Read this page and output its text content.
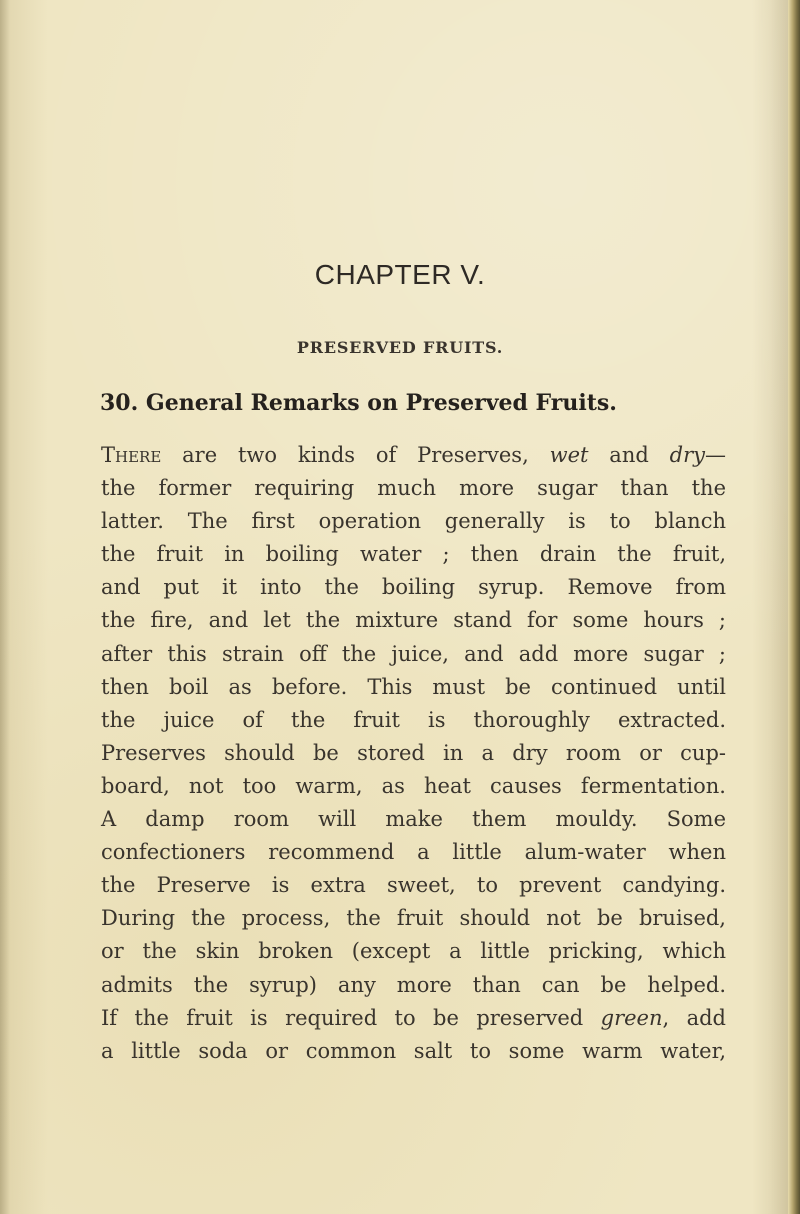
CHAPTER V.
PRESERVED FRUITS.
30. General Remarks on Preserved Fruits.
There are two kinds of Preserves, wet and dry—
the former requiring much more sugar than the
latter. The first operation generally is to blanch
the fruit in boiling water ; then drain the fruit,
and put it into the boiling syrup. Remove from
the fire, and let the mixture stand for some hours ;
after this strain off the juice, and add more sugar ;
then boil as before. This must be continued until
the juice of the fruit is thoroughly extracted.
Preserves should be stored in a dry room or cup-
board, not too warm, as heat causes fermentation.
A damp room will make them mouldy. Some
confectioners recommend a little alum-water when
the Preserve is extra sweet, to prevent candying.
During the process, the fruit should not be bruised,
or the skin broken (except a little pricking, which
admits the syrup) any more than can be helped.
If the fruit is required to be preserved green, add
a little soda or common salt to some warm water,
